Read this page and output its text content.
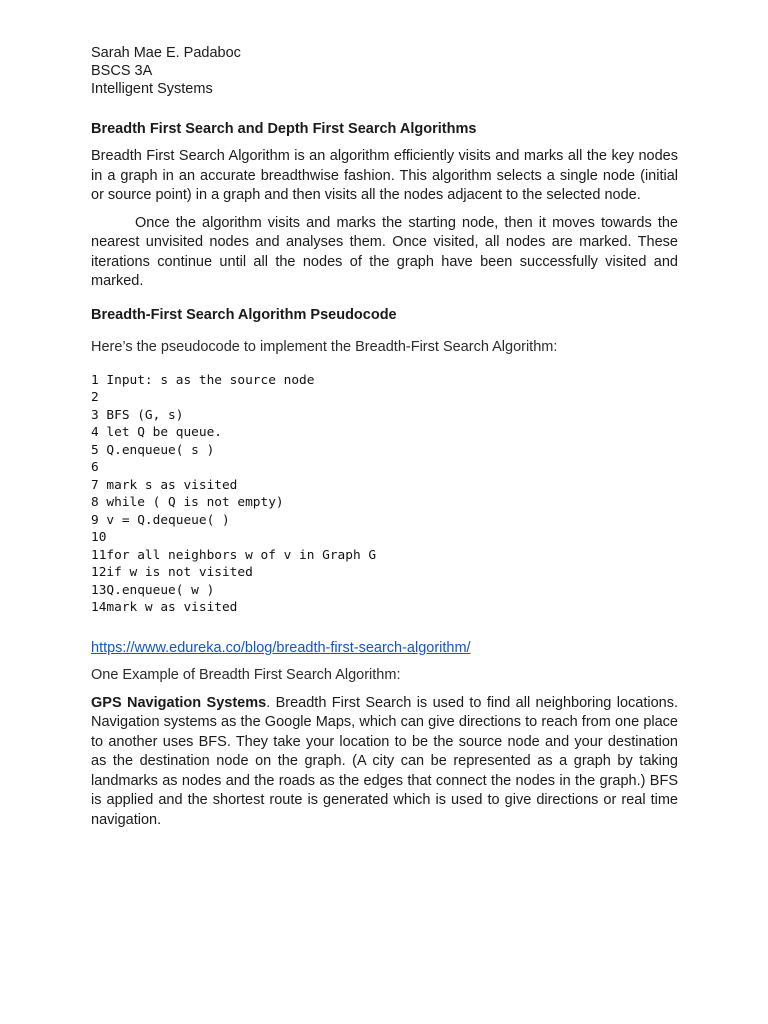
Sarah Mae E. Padaboc

BSCS 3A

Intelligent Systems

Breadth First Search and Depth First Search Algorithms

Breadth First Search Algorithm is an algorithm efficiently visits and marks all the key nodes in a graph in an accurate breadthwise fashion. This algorithm selects a single node (initial or source point) in a graph and then visits all the nodes adjacent to the selected node.

Once the algorithm visits and marks the starting node, then it moves towards the nearest unvisited nodes and analyses them. Once visited, all nodes are marked. These iterations continue until all the nodes of the graph have been successfully visited and marked.

Breadth-First Search Algorithm Pseudocode

Here’s the pseudocode to implement the Breadth-First Search Algorithm:

1 Input: s as the source node
2
3 BFS (G, s)
4 let Q be queue.
5 Q.enqueue( s )
6
7 mark s as visited
8 while ( Q is not empty)
9 v = Q.dequeue( )
10
11for all neighbors w of v in Graph G
12if w is not visited
13Q.enqueue( w )
14mark w as visited
https://www.edureka.co/blog/breadth-first-search-algorithm/

One Example of Breadth First Search Algorithm:

GPS Navigation Systems. Breadth First Search is used to find all neighboring locations. Navigation systems as the Google Maps, which can give directions to reach from one place to another uses BFS. They take your location to be the source node and your destination as the destination node on the graph. (A city can be represented as a graph by taking landmarks as nodes and the roads as the edges that connect the nodes in the graph.) BFS is applied and the shortest route is generated which is used to give directions or real time navigation.
